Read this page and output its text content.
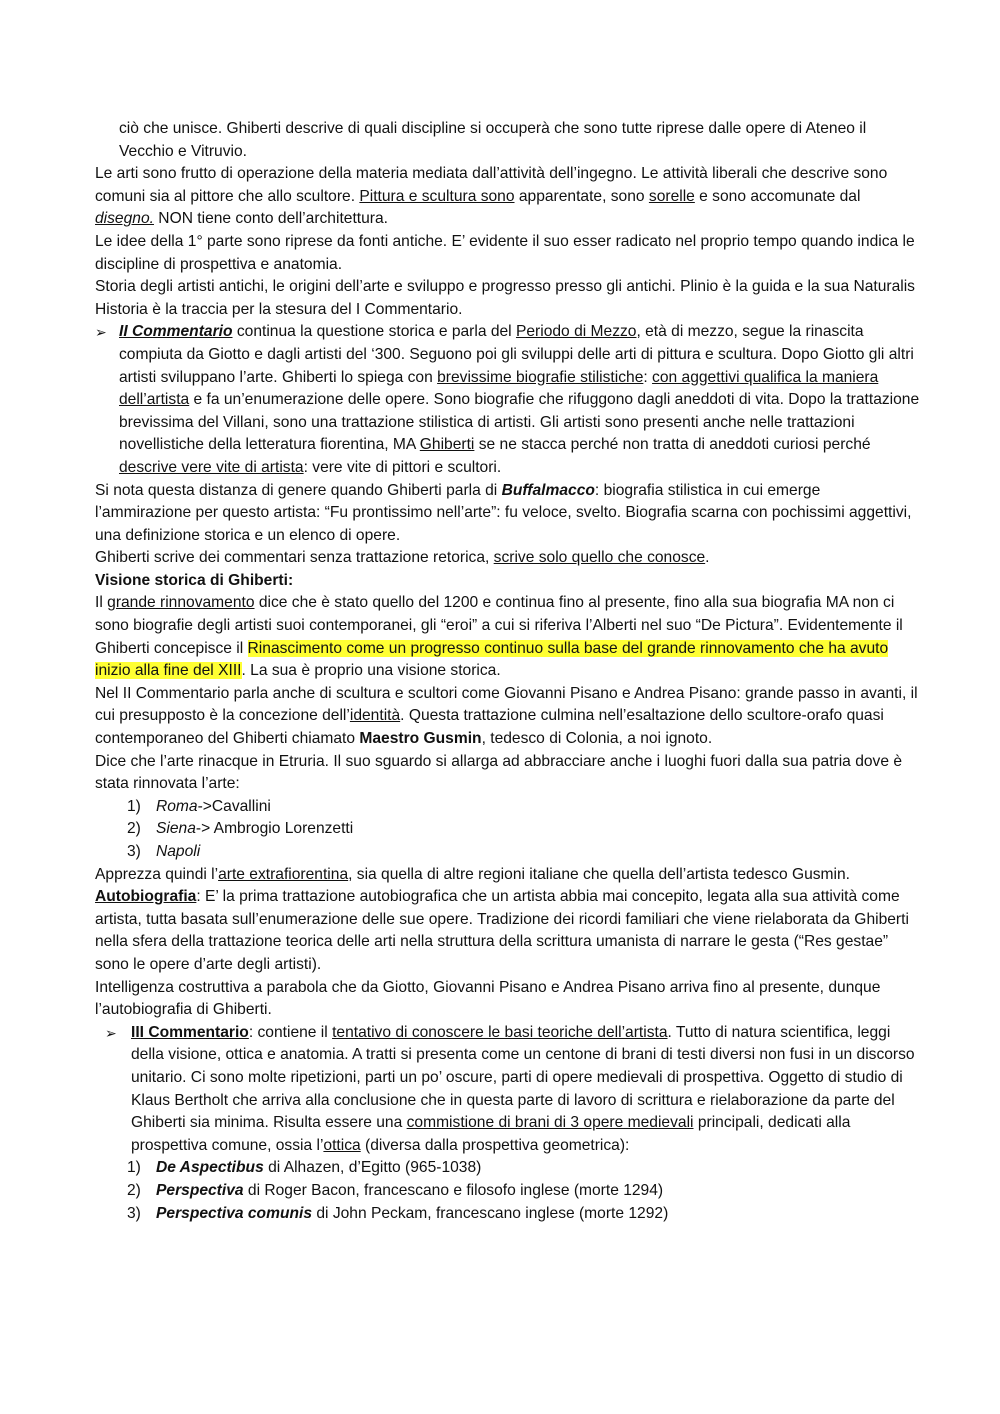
ciò che unisce. Ghiberti descrive di quali discipline si occuperà che sono tutte riprese dalle opere di Ateneo il Vecchio e Vitruvio.

Le arti sono frutto di operazione della materia mediata dall’attività dell’ingegno. Le attività liberali che descrive sono comuni sia al pittore che allo scultore. Pittura e scultura sono apparentate, sono sorelle e sono accomunate dal disegno. NON tiene conto dell’architettura.

Le idee della 1° parte sono riprese da fonti antiche. E’ evidente il suo esser radicato nel proprio tempo quando indica le discipline di prospettiva e anatomia.

Storia degli artisti antichi, le origini dell’arte e sviluppo e progresso presso gli antichi. Plinio è la guida e la sua Naturalis Historia è la traccia per la stesura del I Commentario.

➢ II Commentario continua la questione storica e parla del Periodo di Mezzo, età di mezzo, segue la rinascita compiuta da Giotto e dagli artisti del ‘300. Seguono poi gli sviluppi delle arti di pittura e scultura. Dopo Giotto gli altri artisti sviluppano l’arte. Ghiberti lo spiega con brevissime biografie stilistiche: con aggettivi qualifica la maniera dell’artista e fa un’enumerazione delle opere. Sono biografie che rifuggono dagli aneddoti di vita. Dopo la trattazione brevissima del Villani, sono una trattazione stilistica di artisti. Gli artisti sono presenti anche nelle trattazioni novellistiche della letteratura fiorentina, MA Ghiberti se ne stacca perché non tratta di aneddoti curiosi perché descrive vere vite di artista: vere vite di pittori e scultori.

Si nota questa distanza di genere quando Ghiberti parla di Buffalmacco: biografia stilistica in cui emerge l’ammirazione per questo artista: “Fu prontissimo nell’arte”: fu veloce, svelto. Biografia scarna con pochissimi aggettivi, una definizione storica e un elenco di opere.

Ghiberti scrive dei commentari senza trattazione retorica, scrive solo quello che conosce.

Visione storica di Ghiberti:

Il grande rinnovamento dice che è stato quello del 1200 e continua fino al presente, fino alla sua biografia MA non ci sono biografie degli artisti suoi contemporanei, gli “eroi” a cui si riferiva l’Alberti nel suo “De Pictura”. Evidentemente il Ghiberti concepisce il Rinascimento come un progresso continuo sulla base del grande rinnovamento che ha avuto inizio alla fine del XIII. La sua è proprio una visione storica.

Nel II Commentario parla anche di scultura e scultori come Giovanni Pisano e Andrea Pisano: grande passo in avanti, il cui presupposto è la concezione dell’identità. Questa trattazione culmina nell’esaltazione dello scultore-orafo quasi contemporaneo del Ghiberti chiamato Maestro Gusmin, tedesco di Colonia, a noi ignoto.

Dice che l’arte rinacque in Etruria. Il suo sguardo si allarga ad abbracciare anche i luoghi fuori dalla sua patria dove è stata rinnovata l’arte:

1) Roma->Cavallini

2) Siena-> Ambrogio Lorenzetti

3) Napoli

Apprezza quindi l’arte extrafiorentina, sia quella di altre regioni italiane che quella dell’artista tedesco Gusmin.

Autobiografia: E’ la prima trattazione autobiografica che un artista abbia mai concepito, legata alla sua attività come artista, tutta basata sull’enumerazione delle sue opere. Tradizione dei ricordi familiari che viene rielaborata da Ghiberti nella sfera della trattazione teorica delle arti nella struttura della scrittura umanista di narrare le gesta (“Res gestae” sono le opere d’arte degli artisti).

Intelligenza costruttiva a parabola che da Giotto, Giovanni Pisano e Andrea Pisano arriva fino al presente, dunque l’autobiografia di Ghiberti.

➢ III Commentario: contiene il tentativo di conoscere le basi teoriche dell’artista. Tutto di natura scientifica, leggi della visione, ottica e anatomia. A tratti si presenta come un centone di brani di testi diversi non fusi in un discorso unitario. Ci sono molte ripetizioni, parti un po’ oscure, parti di opere medievali di prospettiva. Oggetto di studio di Klaus Bertholt che arriva alla conclusione che in questa parte di lavoro di scrittura e rielaborazione da parte del Ghiberti sia minima. Risulta essere una commistione di brani di 3 opere medievali principali, dedicati alla prospettiva comune, ossia l’ottica (diversa dalla prospettiva geometrica):

1) De Aspectibus di Alhazen, d’Egitto (965-1038)

2) Perspectiva di Roger Bacon, francescano e filosofo inglese (morte 1294)

3) Perspectiva comunis di John Peckam, francescano inglese (morte 1292)
